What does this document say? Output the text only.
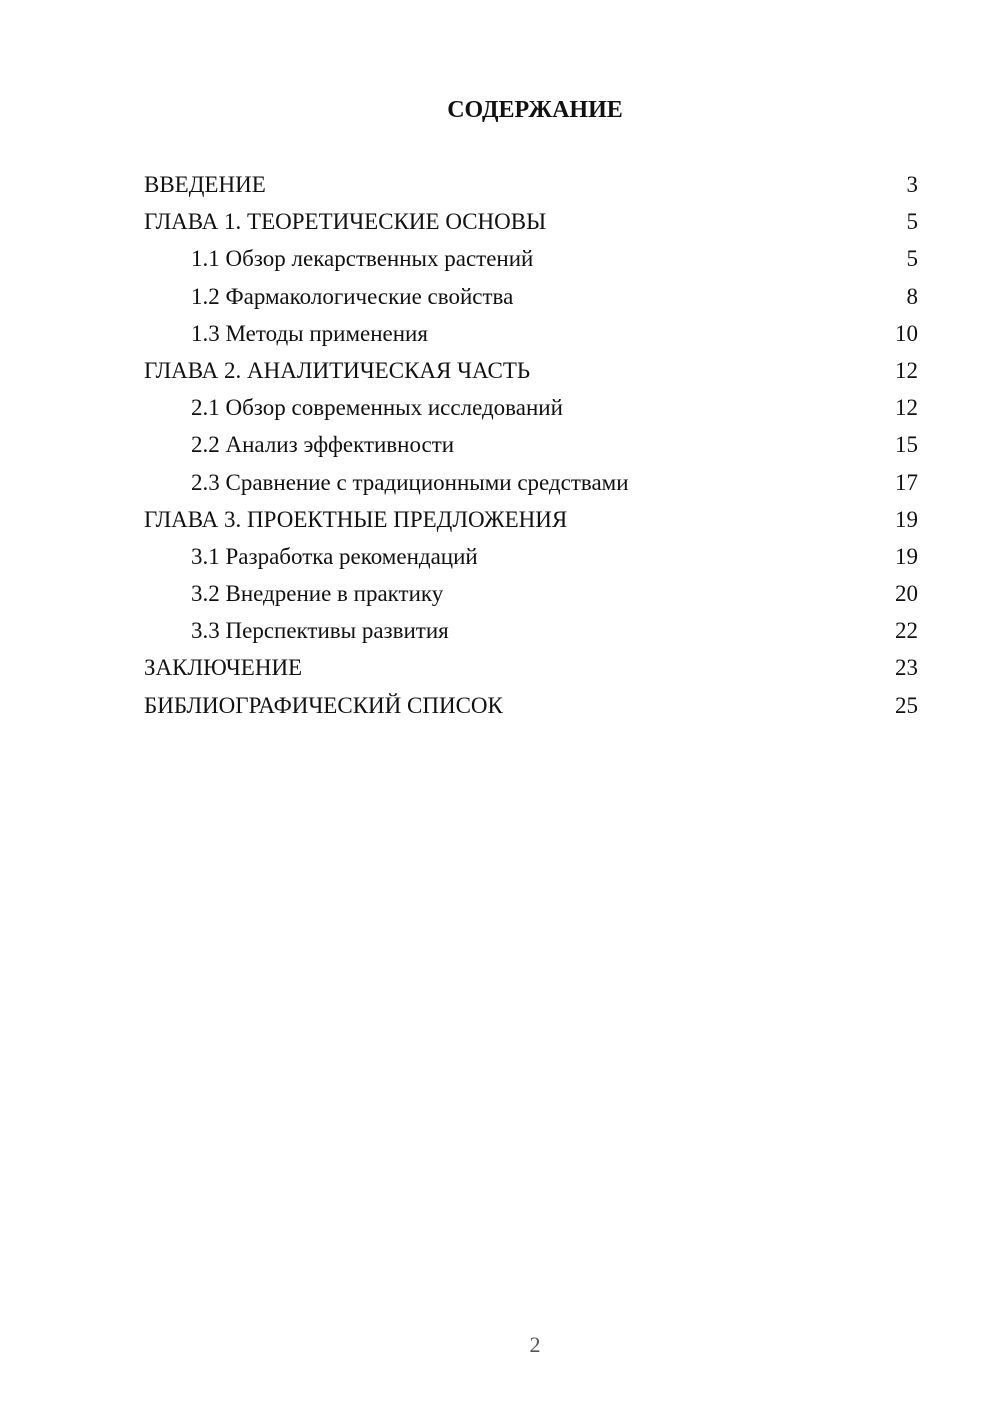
СОДЕРЖАНИЕ
ВВЕДЕНИЕ	3
ГЛАВА 1. ТЕОРЕТИЧЕСКИЕ ОСНОВЫ	5
1.1 Обзор лекарственных растений	5
1.2 Фармакологические свойства	8
1.3 Методы применения	10
ГЛАВА 2. АНАЛИТИЧЕСКАЯ ЧАСТЬ	12
2.1 Обзор современных исследований	12
2.2 Анализ эффективности	15
2.3 Сравнение с традиционными средствами	17
ГЛАВА 3. ПРОЕКТНЫЕ ПРЕДЛОЖЕНИЯ	19
3.1 Разработка рекомендаций	19
3.2 Внедрение в практику	20
3.3 Перспективы развития	22
ЗАКЛЮЧЕНИЕ	23
БИБЛИОГРАФИЧЕСКИЙ СПИСОК	25
2
